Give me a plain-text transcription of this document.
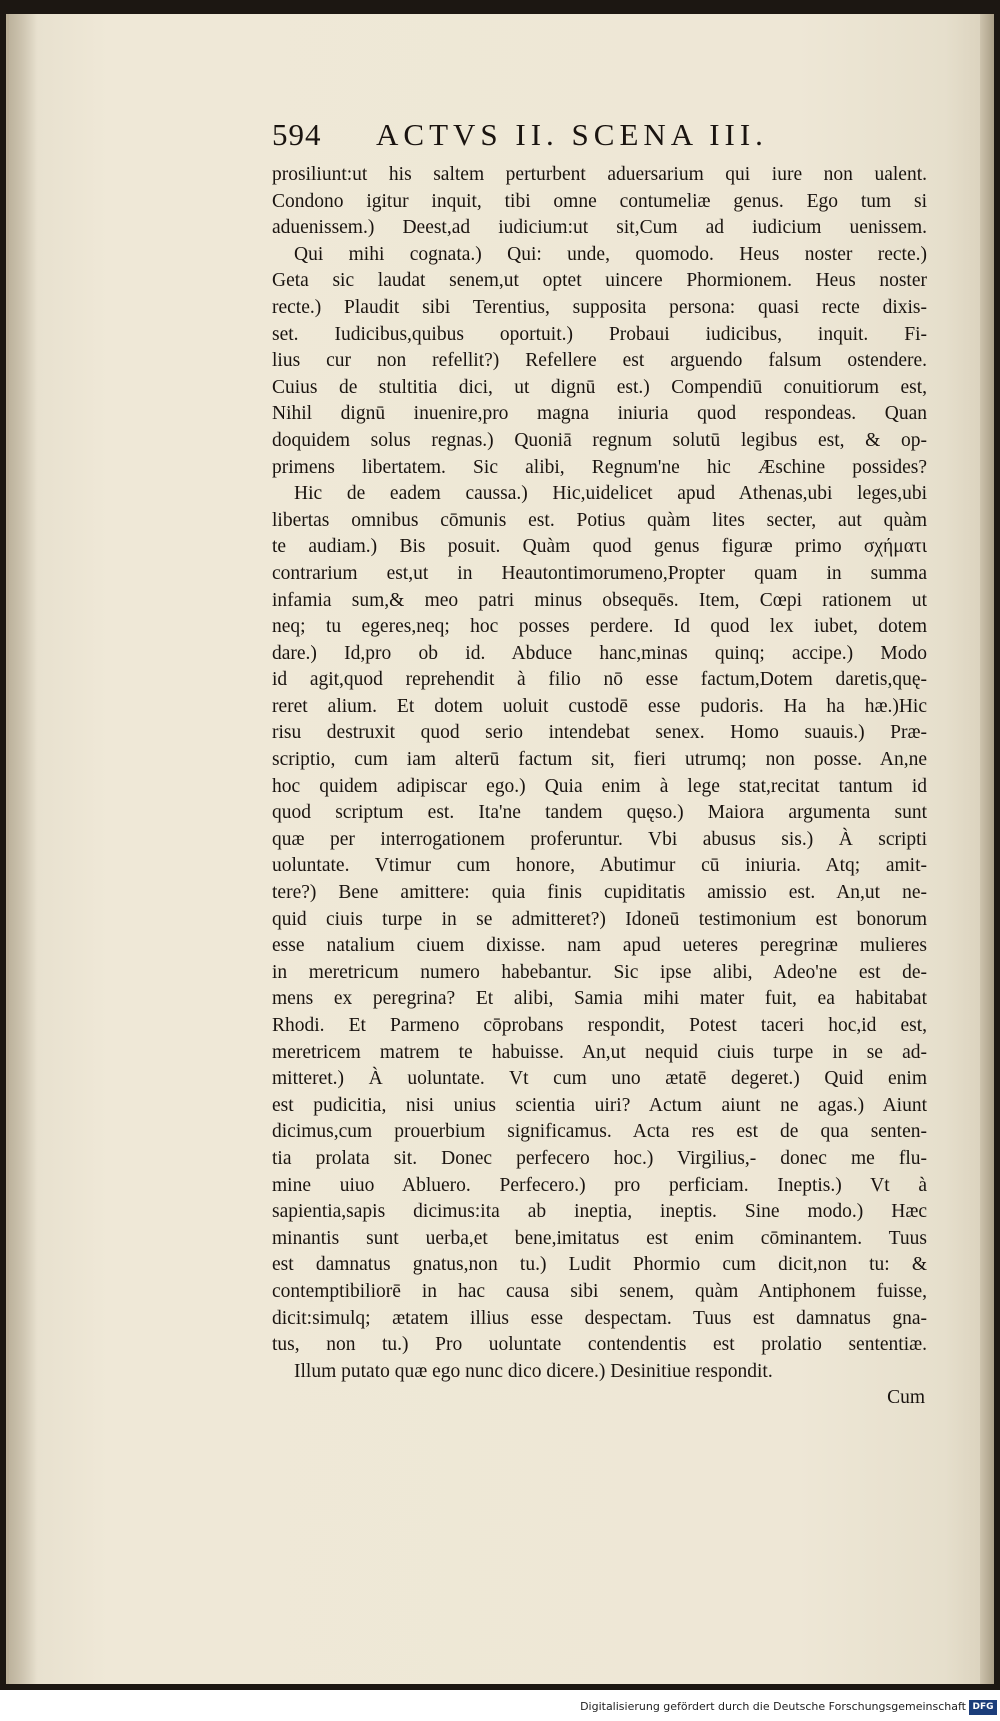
594 ACTVS II. SCENA III.
prosiliunt:ut his saltem perturbent aduersarium qui iure non ualent.
Condono igitur inquit, tibi omne contumeliæ genus. Ego tum si
aduenissem.) Deest,ad iudicium:ut sit,Cum ad iudicium uenissem.
Qui mihi cognata.) Qui: unde, quomodo. Heus noster recte.)
Geta sic laudat senem,ut optet uincere Phormionem. Heus noster
recte.) Plaudit sibi Terentius, supposita persona: quasi recte dixis-
set. Iudicibus,quibus oportuit.) Probaui iudicibus, inquit. Fi-
lius cur non refellit?) Refellere est arguendo falsum ostendere.
Cuius de stultitia dici, ut dignū est.) Compendiū conuitiorum est,
Nihil dignū inuenire,pro magna iniuria quod respondeas. Quan
doquidem solus regnas.) Quoniā regnum solutū legibus est, & op-
primens libertatem. Sic alibi, Regnum'ne hic Æschine possides?
Hic de eadem caussa.) Hic,uidelicet apud Athenas,ubi leges,ubi
libertas omnibus cōmunis est. Potius quàm lites secter, aut quàm
te audiam.) Bis posuit. Quàm quod genus figuræ primo σχήματι
contrarium est,ut in Heautontimorumeno,Propter quam in summa
infamia sum,& meo patri minus obsequēs. Item, Cœpi rationem ut
neq; tu egeres,neq; hoc posses perdere. Id quod lex iubet, dotem
dare.) Id,pro ob id. Abduce hanc,minas quinq; accipe.) Modo
id agit,quod reprehendit à filio nō esse factum,Dotem daretis,quę-
reret alium. Et dotem uoluit custodē esse pudoris. Ha ha hæ.)Hic
risu destruxit quod serio intendebat senex. Homo suauis.) Præ-
scriptio, cum iam alterū factum sit, fieri utrumq; non posse. An,ne
hoc quidem adipiscar ego.) Quia enim à lege stat,recitat tantum id
quod scriptum est. Ita'ne tandem quęso.) Maiora argumenta sunt
quæ per interrogationem proferuntur. Vbi abusus sis.) À scripti
uoluntate. Vtimur cum honore, Abutimur cū iniuria. Atq; amit-
tere?) Bene amittere: quia finis cupiditatis amissio est. An,ut ne-
quid ciuis turpe in se admitteret?) Idoneū testimonium est bonorum
esse natalium ciuem dixisse. nam apud ueteres peregrinæ mulieres
in meretricum numero habebantur. Sic ipse alibi, Adeo'ne est de-
mens ex peregrina? Et alibi, Samia mihi mater fuit, ea habitabat
Rhodi. Et Parmeno cōprobans respondit, Potest taceri hoc,id est,
meretricem matrem te habuisse. An,ut nequid ciuis turpe in se ad-
mitteret.) À uoluntate. Vt cum uno ætatē degeret.) Quid enim
est pudicitia, nisi unius scientia uiri? Actum aiunt ne agas.) Aiunt
dicimus,cum prouerbium significamus. Acta res est de qua senten-
tia prolata sit. Donec perfecero hoc.) Virgilius,- donec me flu-
mine uiuo Abluero. Perfecero.) pro perficiam. Ineptis.) Vt à
sapientia,sapis dicimus:ita ab ineptia, ineptis. Sine modo.) Hæc
minantis sunt uerba,et bene,imitatus est enim cōminantem. Tuus
est damnatus gnatus,non tu.) Ludit Phormio cum dicit,non tu: &
contemptibiliorē in hac causa sibi senem, quàm Antiphonem fuisse,
dicit:simulq; ætatem illius esse despectam. Tuus est damnatus gna-
tus, non tu.) Pro uoluntate contendentis est prolatio sententiæ.
Illum putato quæ ego nunc dico dicere.) Desinitiue respondit.
Cum
Digitalisierung gefördert durch die Deutsche Forschungsgemeinschaft DFG
